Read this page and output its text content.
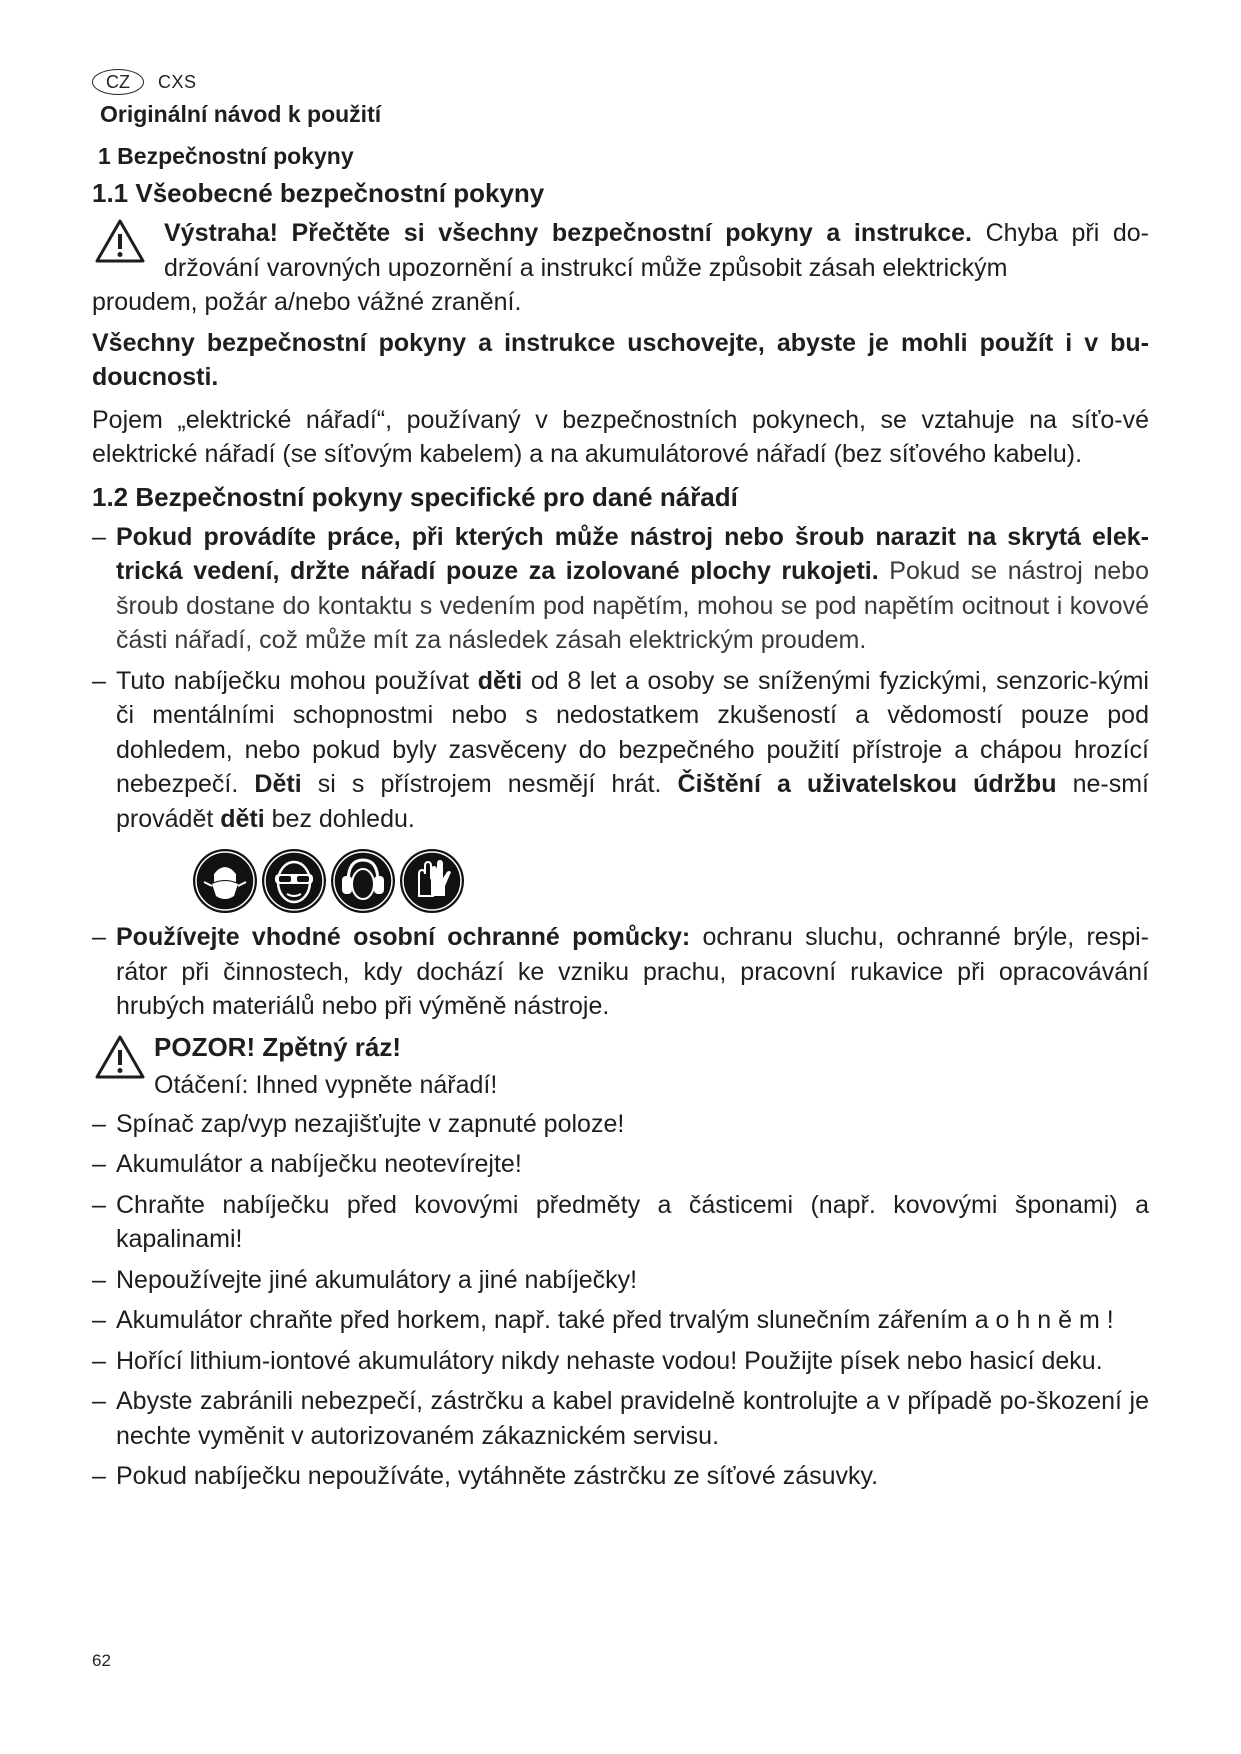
CZ	CXS
Originální návod k použití
1 Bezpečnostní pokyny
1.1 Všeobecné bezpečnostní pokyny
Výstraha! Přečtěte si všechny bezpečnostní pokyny a instrukce. Chyba při do-držování varovných upozornění a instrukcí může způsobit zásah elektrickým
proudem, požár a/nebo vážné zranění.
Všechny bezpečnostní pokyny a instrukce uschovejte, abyste je mohli použít i v bu-doucnosti.
Pojem „elektrické nářadí“, používaný v bezpečnostních pokynech, se vztahuje na síťo-vé elektrické nářadí (se síťovým kabelem) a na akumulátorové nářadí (bez síťového kabelu).
1.2 Bezpečnostní pokyny specifické pro dané nářadí
– Pokud provádíte práce, při kterých může nástroj nebo šroub narazit na skrytá elek-trická vedení, držte nářadí pouze za izolované plochy rukojeti. Pokud se nástroj nebo šroub dostane do kontaktu s vedením pod napětím, mohou se pod napětím ocitnout i kovové části nářadí, což může mít za následek zásah elektrickým proudem.
– Tuto nabíječku mohou používat děti od 8 let a osoby se sníženými fyzickými, senzoric-kými či mentálními schopnostmi nebo s nedostatkem zkušeností a vědomostí pouze pod dohledem, nebo pokud byly zasvěceny do bezpečného použití přístroje a chápou hrozící nebezpečí. Děti si s přístrojem nesmějí hrát. Čištění a uživatelskou údržbu ne-smí provádět děti bez dohledu.
– Používejte vhodné osobní ochranné pomůcky: ochranu sluchu, ochranné brýle, respi-rátor při činnostech, kdy dochází ke vzniku prachu, pracovní rukavice při opracovávání hrubých materiálů nebo při výměně nástroje.
POZOR! Zpětný ráz!
Otáčení: Ihned vypněte nářadí!
– Spínač zap/vyp nezajišťujte v zapnuté poloze!
– Akumulátor a nabíječku neotevírejte!
– Chraňte nabíječku před kovovými předměty a částicemi (např. kovovými šponami) a kapalinami!
– Nepoužívejte jiné akumulátory a jiné nabíječky!
– Akumulátor chraňte před horkem, např. také před trvalým slunečním zářením a o h n ě m !
– Hořící lithium-iontové akumulátory nikdy nehaste vodou! Použijte písek nebo hasicí deku.
– Abyste zabránili nebezpečí, zástrčku a kabel pravidelně kontrolujte a v případě po-škození je nechte vyměnit v autorizovaném zákaznickém servisu.
– Pokud nabíječku nepoužíváte, vytáhněte zástrčku ze síťové zásuvky.
62
